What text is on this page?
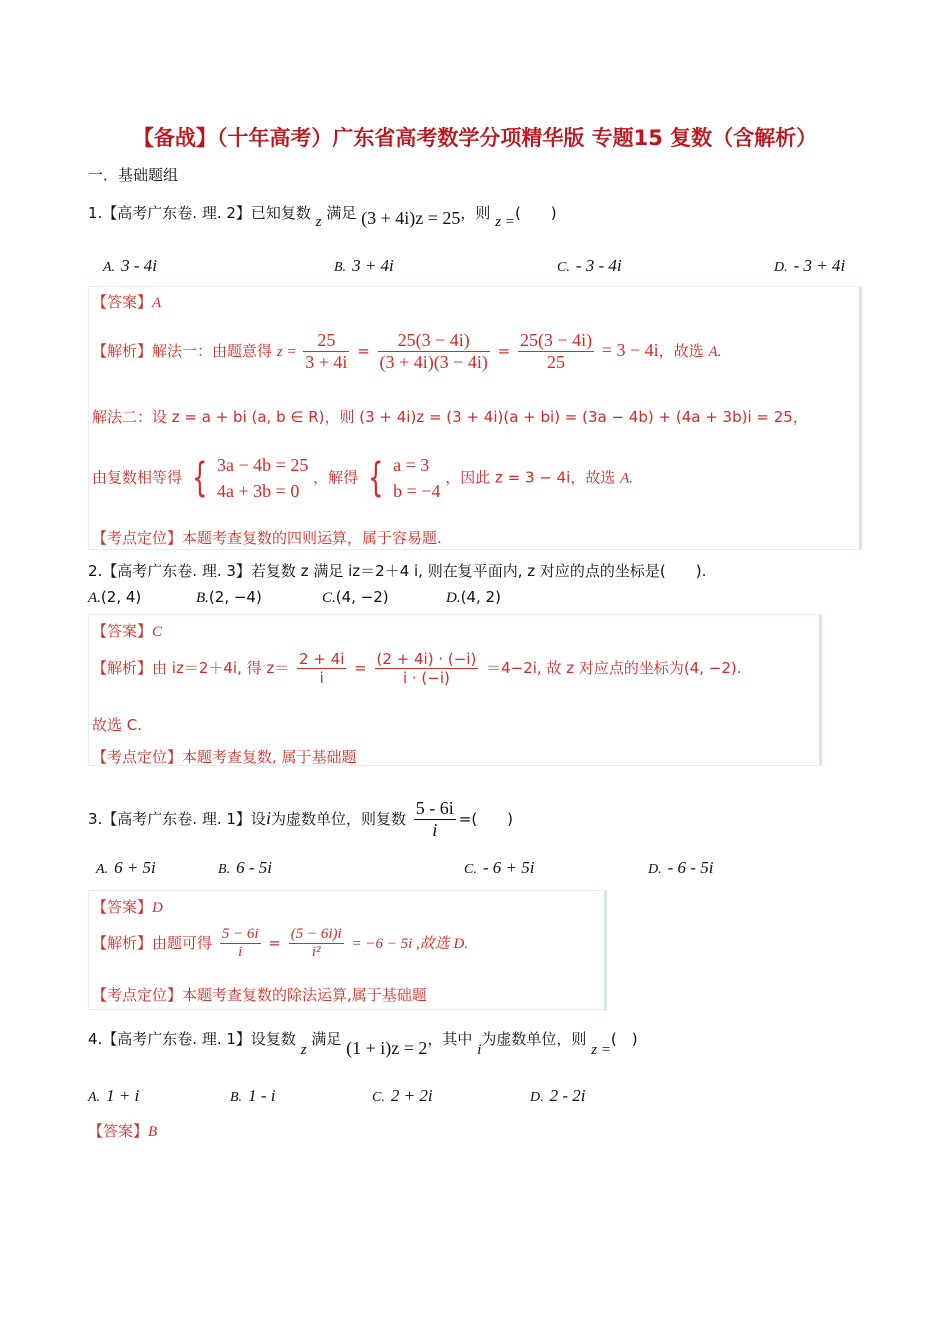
【备战】（十年高考）广东省高考数学分项精华版 专题15 复数（含解析）
一．基础题组
1.【高考广东卷. 理. 2】已知复数 z 满足 (3 + 4i)z = 25，则 z =(　　)
A. 3 - 4i	B. 3 + 4i	C. - 3 - 4i	D. - 3 + 4i
【答案】A
【解析】解法一：由题意得 $z = \frac{25}{3 + 4i} = \frac{25(3 - 4i)}{(3 + 4i)(3 - 4i)} = \frac{25(3 - 4i)}{25} = 3 - 4i$，故选 A.
解法二：设 z = a + bi (a, b ∈ R)，则 (3 + 4i)z = (3 + 4i)(a + bi) = (3a − 4b) + (4a + 3b)i = 25，
由复数相等得 { 3a − 4b = 25
4a + 3b = 0
，解得 { a = 3
b = −4
，因此 z = 3 − 4i，故选 A.
【考点定位】本题考查复数的四则运算，属于容易题.
2.【高考广东卷. 理. 3】若复数 z 满足 iz＝2＋4 i, 则在复平面内, z 对应的点的坐标是(　　).
A.(2, 4)	B.(2, −4)	C.(4, −2)	D.(4, 2)
【答案】C
【解析】由 iz＝2＋4i, 得 $z= \frac{2 + 4i}{i} = \frac{(2 + 4i) \cdot (-i)}{i \cdot (-i)} =4-2i$, 故 z 对应点的坐标为(4, −2).
故选 C.
【考点定位】本题考查复数, 属于基础题
3.【高考广东卷. 理. 1】设i为虚数单位，则复数 $\frac{5 - 6i}{i}$ =(　　)
A. 6 + 5i	B. 6 - 5i	C. - 6 + 5i	D. - 6 - 5i
【答案】D
【解析】由题可得 $\frac{5 - 6i}{i} = \frac{(5 - 6i)i}{\text{i²}} = -6 - 5i$ ,故选 D.
【考点定位】本题考查复数的除法运算,属于基础题
4.【高考广东卷. 理. 1】设复数 z 满足 (1 + i)z = 2，其中 i为虚数单位，则 z =(　)
A. 1 + i	B. 1 - i	C. 2 + 2i	D. 2 - 2i
【答案】B
